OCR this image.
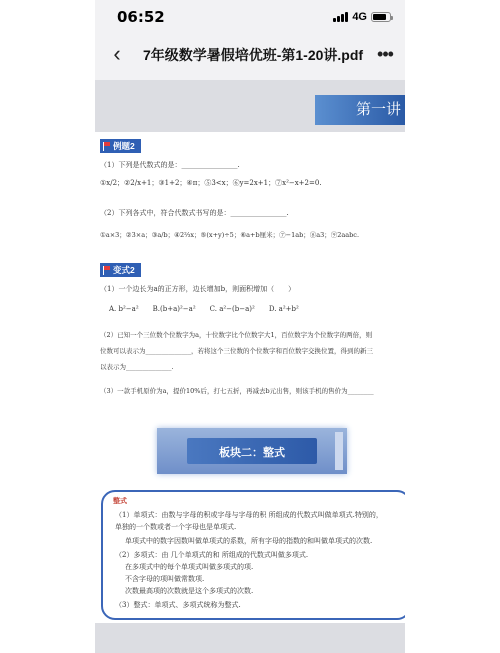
06:52	4G
‹	7年级数学暑假培优班-第1-20讲.pdf •••
第一讲
例题2
（1）下列是代数式的是：________________.
①x/2；②2/x+1；③1+2；④π；⑤3<x；⑥y=2x+1；⑦x²−x+2=0.
（2）下列各式中，符合代数式书写的是：________________.
①a×3；②3×a；③a/b；④2⅔x；⑤(x+y)÷5；⑥a+b厘米；⑦−1ab；⑧a3；⑨2aabc.
变式2
（1）一个边长为a的正方形，边长增加b，则面积增加（　　）
A. b²−a²　　B.(b+a)²−a²　　C. a²−(b−a)²　　D. a²+b²
（2）已知一个三位数个位数字为a，十位数字比个位数字大1，百位数字为个位数字的两倍，则
位数可以表示为______________，若将这个三位数的个位数字和百位数字交换位置，得到的新三
以表示为______________.
（3）一款手机原价为a，提价10%后，打七五折，再减去b元出售，则该手机的售价为________
板块二：整式
整式
（1）单项式：由数与字母的积或字母与字母的积 所组成的代数式叫做单项式.特别的，
单独的一个数或者一个字母也是单项式.
单项式中的数字因数叫做单项式的系数，所有字母的指数的和叫做单项式的次数.
（2）多项式：由 几个单项式的和 所组成的代数式叫做多项式.
在多项式中的每个单项式叫做多项式的项.
不含字母的项叫做常数项.
次数最高项的次数就是这个多项式的次数.
（3）整式：单项式、多项式统称为整式.
